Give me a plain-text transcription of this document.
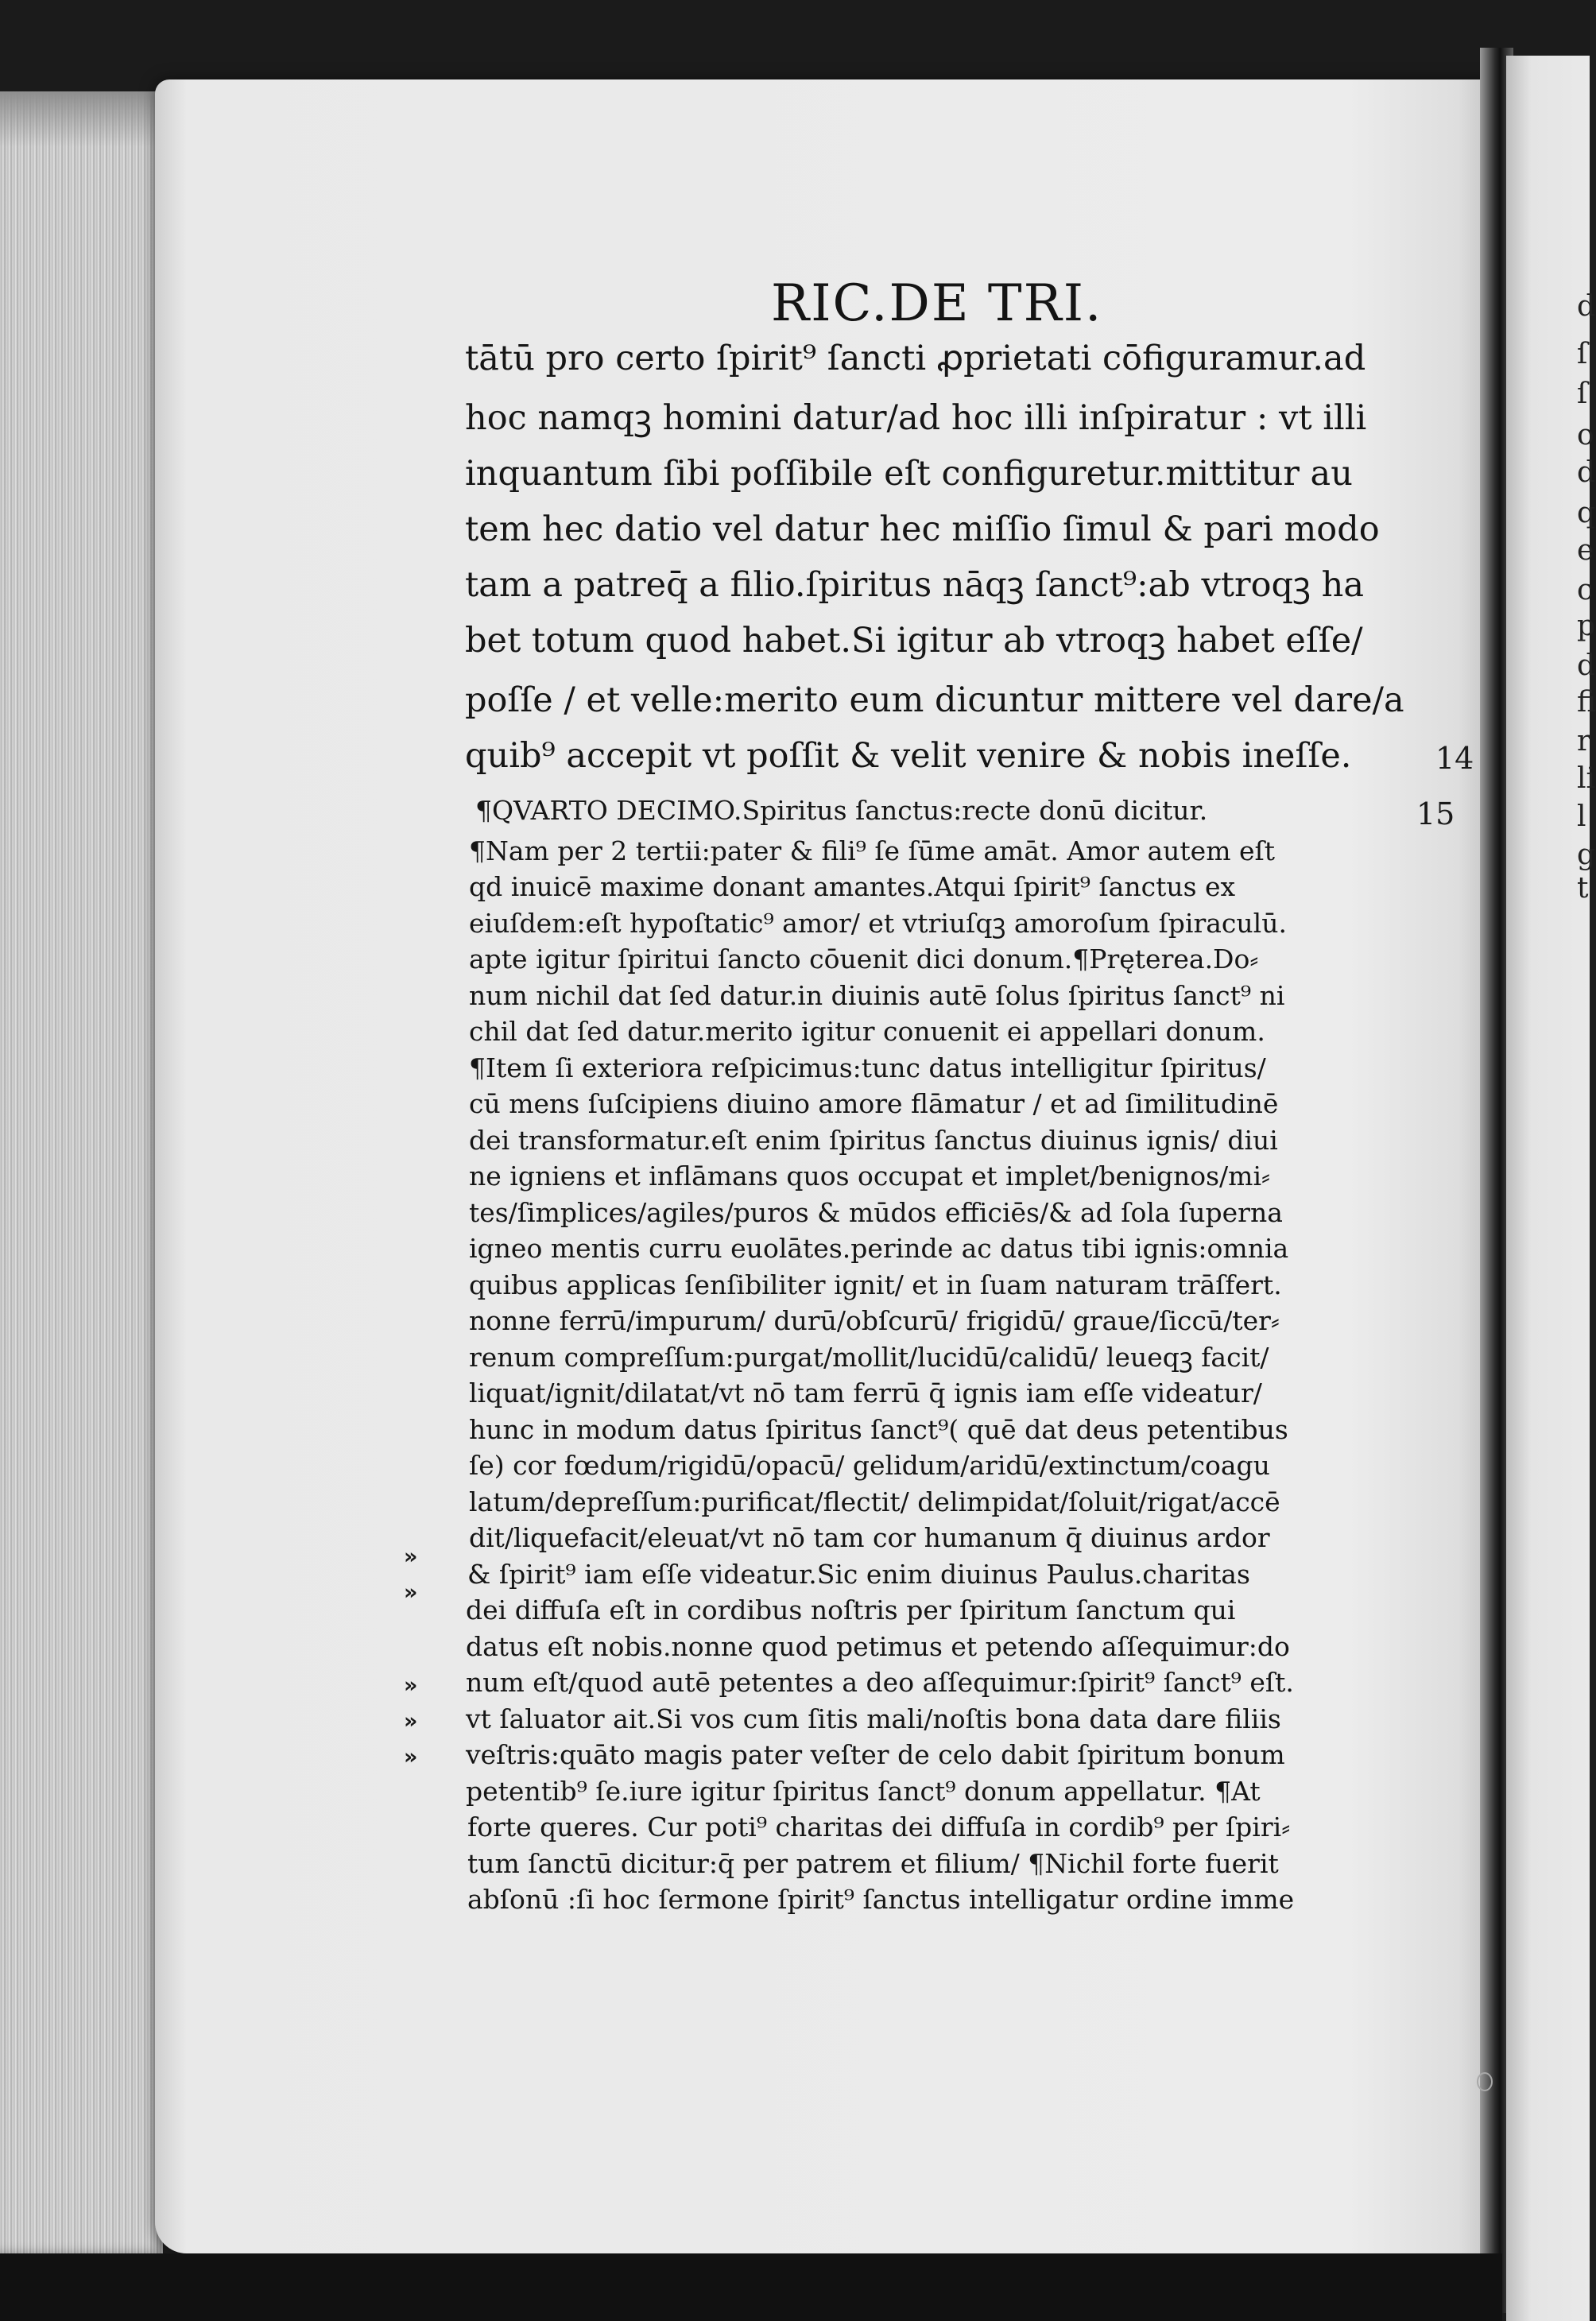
RIC.DE TRI.

tātū pro certo ſpirit⁹ ſancti ꝓprietati cōfiguramur.ad

hoc namqꝫ homini datur/ad hoc illi inſpiratur : vt illi

inquantum ſibi poſſibile eſt configuretur.mittitur au

tem hec datio vel datur hec miſſio ſimul & pari modo

tam a patreq̄ a filio.ſpiritus nāqꝫ ſanct⁹:ab vtroqꝫ ha

bet totum quod habet.Si igitur ab vtroqꝫ habet eſſe/

poſſe / et velle:merito eum dicuntur mittere vel dare/a

quib⁹ accepit vt poſſit & velit venire & nobis ineſſe.

¶QVARTO DECIMO.Spiritus ſanctus:recte donū dicitur.

¶Nam per 2 tertii:pater & fili⁹ ſe ſūme amāt. Amor autem eſt

qd inuicē maxime donant amantes.Atqui ſpirit⁹ ſanctus ex

eiuſdem:eſt hypoſtatic⁹ amor/ et vtriuſqꝫ amoroſum ſpiraculū.

apte igitur ſpiritui ſancto cōuenit dici donum.¶Pręterea.Do⸗

num nichil dat ſed datur.in diuinis autē ſolus ſpiritus ſanct⁹ ni

chil dat ſed datur.merito igitur conuenit ei appellari donum.

¶Item ſi exteriora reſpicimus:tunc datus intelligitur ſpiritus/

cū mens ſuſcipiens diuino amore flāmatur / et ad ſimilitudinē

dei transformatur.eſt enim ſpiritus ſanctus diuinus ignis/ diui

ne igniens et inflāmans quos occupat et implet/benignos/mi⸗

tes/ſimplices/agiles/puros & mūdos efficiēs/& ad ſola ſuperna

igneo mentis curru euolātes.perinde ac datus tibi ignis:omnia

quibus applicas ſenſibiliter ignit/ et in ſuam naturam trāſfert.

nonne ferrū/impurum/ durū/obſcurū/ frigidū/ graue/ſiccū/ter⸗

renum compreſſum:purgat/mollit/lucidū/calidū/ leueqꝫ facit/

liquat/ignit/dilatat/vt nō tam ferrū q̄ ignis iam eſſe videatur/

hunc in modum datus ſpiritus ſanct⁹( quē dat deus petentibus

ſe) cor fœdum/rigidū/opacū/ gelidum/aridū/extinctum/coagu

latum/depreſſum:purificat/flectit/ delimpidat/ſoluit/rigat/accē

dit/liquefacit/eleuat/vt nō tam cor humanum q̄ diuinus ardor

& ſpirit⁹ iam eſſe videatur.Sic enim diuinus Paulus.charitas

dei diffuſa eſt in cordibus noſtris per ſpiritum ſanctum qui

datus eſt nobis.nonne quod petimus et petendo aſſequimur:do

num eſt/quod autē petentes a deo aſſequimur:ſpirit⁹ ſanct⁹ eſt.

vt ſaluator ait.Si vos cum ſitis mali/noſtis bona data dare filiis

veſtris:quāto magis pater veſter de celo dabit ſpiritum bonum

petentib⁹ ſe.iure igitur ſpiritus ſanct⁹ donum appellatur. ¶At

forte queres. Cur poti⁹ charitas dei diffuſa in cordib⁹ per ſpiri⸗

tum ſanctū dicitur:q̄ per patrem et filium/ ¶Nichil forte fuerit

abſonū :ſi hoc ſermone ſpirit⁹ ſanctus intelligatur ordine imme

14
15
»
»
»
»
»
d
ſ
ſ
o
d
q
e
c
p
d
fi
r
li
l
g
t
